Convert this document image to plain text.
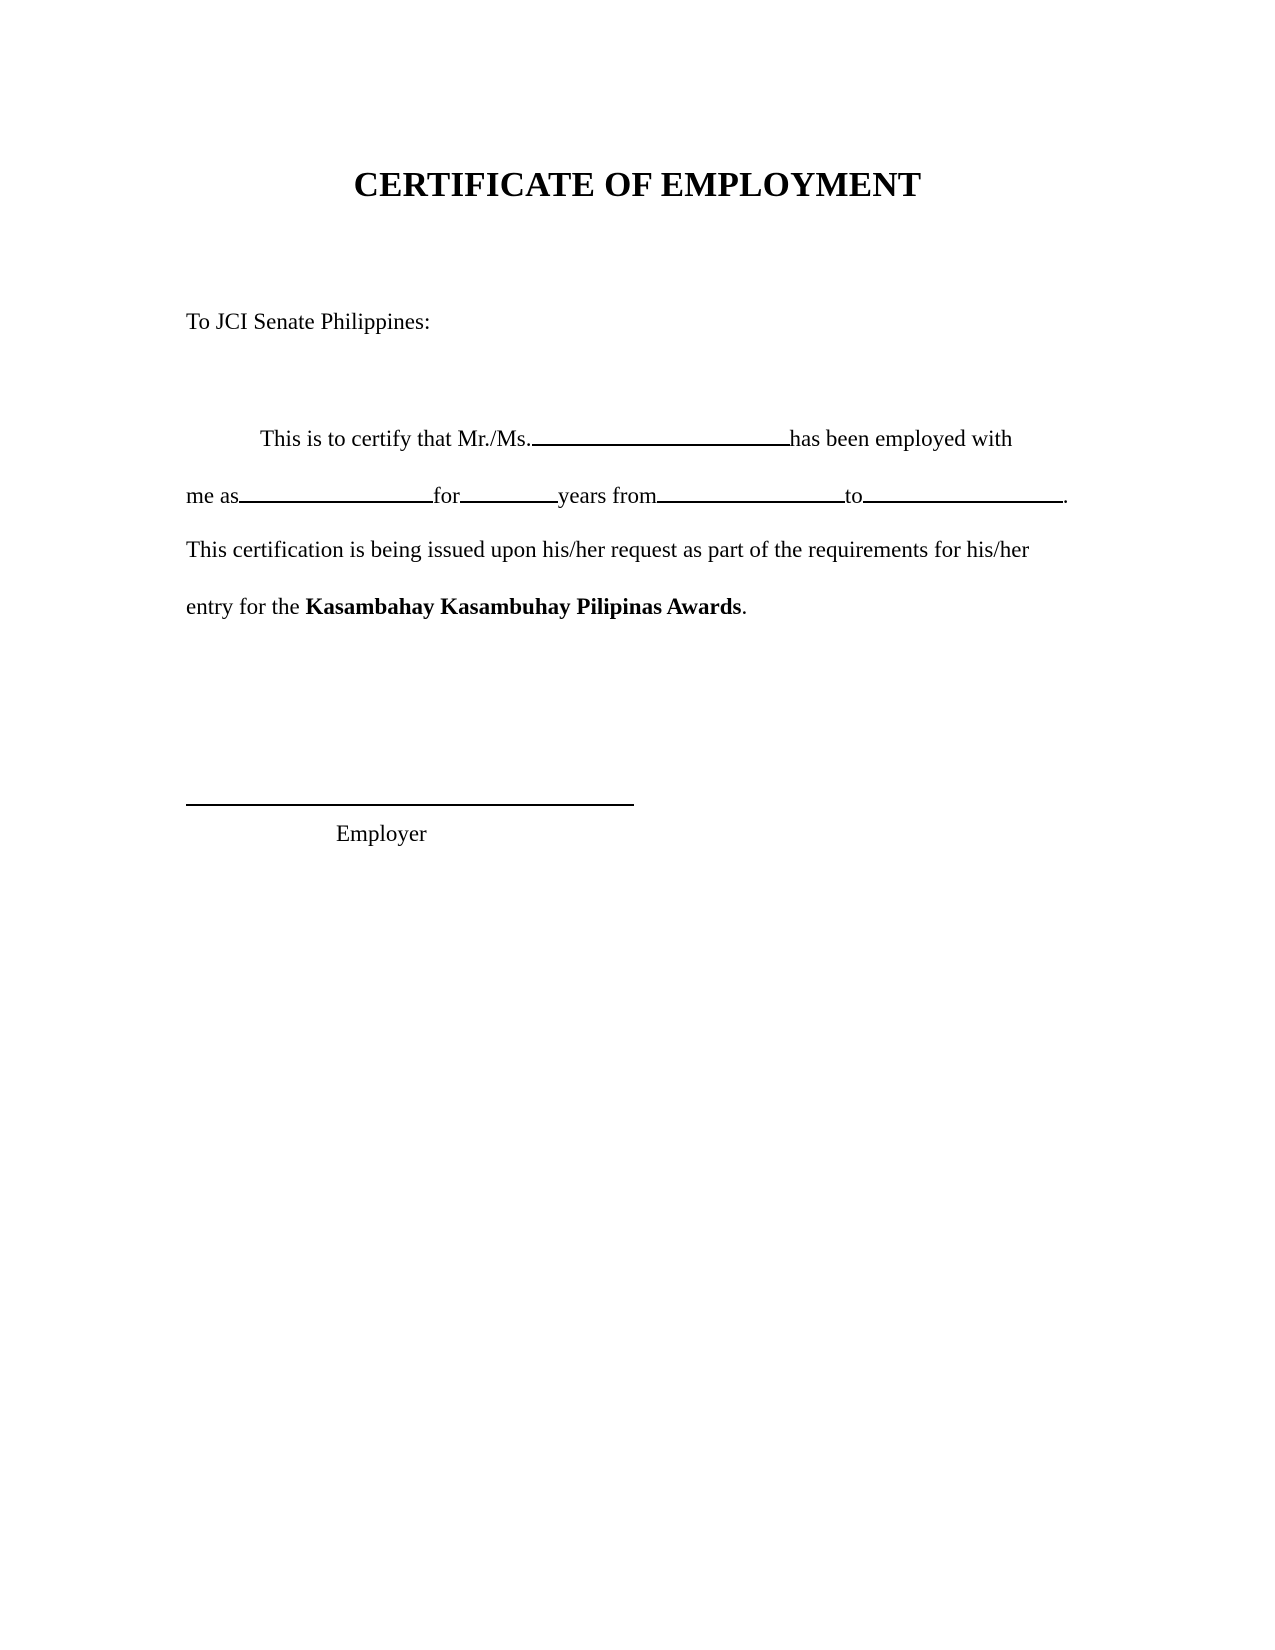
CERTIFICATE OF EMPLOYMENT
To JCI Senate Philippines:
This is to certify that Mr./Ms.	has been employed with
me as	for	years from	to	.
This certification is being issued upon his/her request as part of the requirements for his/her
entry for the Kasambahay Kasambuhay Pilipinas Awards.
Employer
